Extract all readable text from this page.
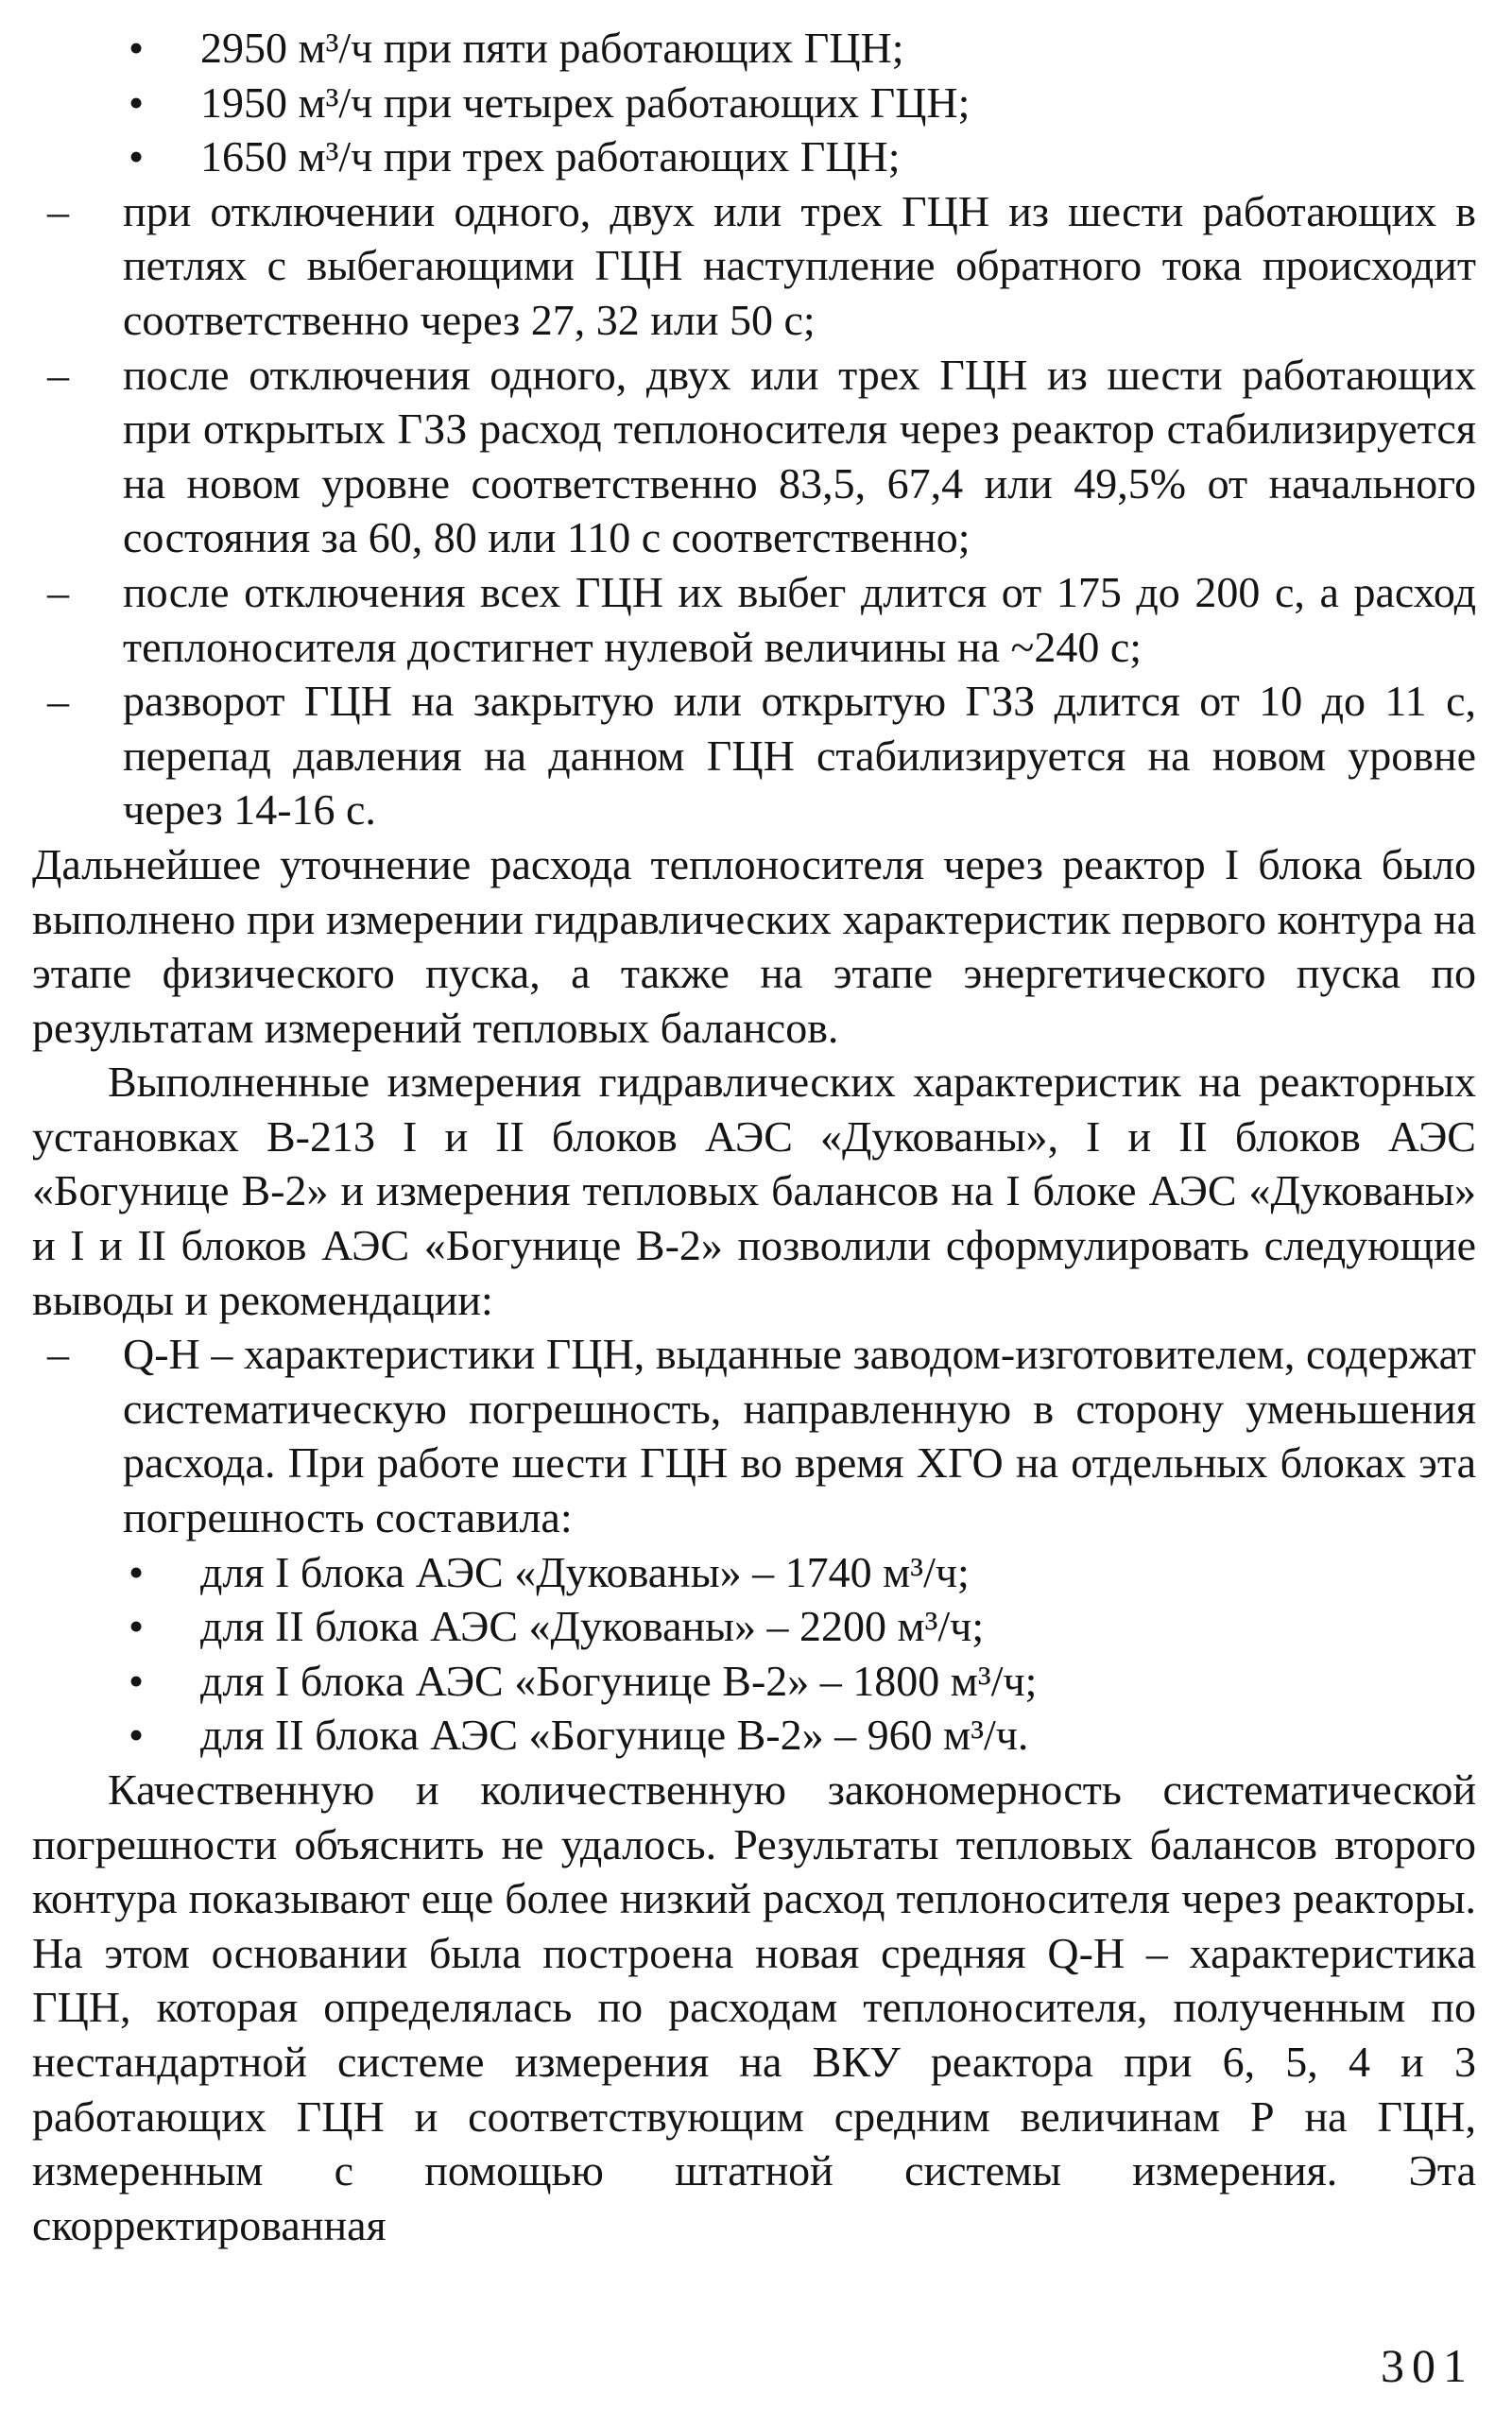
• 2950 м³/ч при пяти работающих ГЦН;
• 1950 м³/ч при четырех работающих ГЦН;
• 1650 м³/ч при трех работающих ГЦН;
– при отключении одного, двух или трех ГЦН из шести работающих в петлях с выбегающими ГЦН наступление обратного тока происходит соответственно через 27, 32 или 50 с;
– после отключения одного, двух или трех ГЦН из шести работающих при открытых ГЗЗ расход теплоносителя через реактор стабилизируется на новом уровне соответственно 83,5, 67,4 или 49,5% от начального состояния за 60, 80 или 110 с соответственно;
– после отключения всех ГЦН их выбег длится от 175 до 200 с, а расход теплоносителя достигнет нулевой величины на ~240 с;
– разворот ГЦН на закрытую или открытую ГЗЗ длится от 10 до 11 с, перепад давления на данном ГЦН стабилизируется на новом уровне через 14-16 с.
Дальнейшее уточнение расхода теплоносителя через реактор I блока было выполнено при измерении гидравлических характеристик первого контура на этапе физического пуска, а также на этапе энергетического пуска по результатам измерений тепловых балансов.
Выполненные измерения гидравлических характеристик на реакторных установках В-213 I и II блоков АЭС «Дукованы», I и II блоков АЭС «Богунице В-2» и измерения тепловых балансов на I блоке АЭС «Дукованы» и I и II блоков АЭС «Богунице В-2» позволили сформулировать следующие выводы и рекомендации:
– Q-H – характеристики ГЦН, выданные заводом-изготовителем, содержат систематическую погрешность, направленную в сторону уменьшения расхода. При работе шести ГЦН во время ХГО на отдельных блоках эта погрешность составила:
• для I блока АЭС «Дукованы» – 1740 м³/ч;
• для II блока АЭС «Дукованы» – 2200 м³/ч;
• для I блока АЭС «Богунице В-2» – 1800 м³/ч;
• для II блока АЭС «Богунице В-2» – 960 м³/ч.
Качественную и количественную закономерность систематической погрешности объяснить не удалось. Результаты тепловых балансов второго контура показывают еще более низкий расход теплоносителя через реакторы. На этом основании была построена новая средняя Q-H – характеристика ГЦН, которая определялась по расходам теплоносителя, полученным по нестандартной системе измерения на ВКУ реактора при 6, 5, 4 и 3 работающих ГЦН и соответствующим средним величинам Р на ГЦН, измеренным с помощью штатной системы измерения. Эта скорректированная
301
